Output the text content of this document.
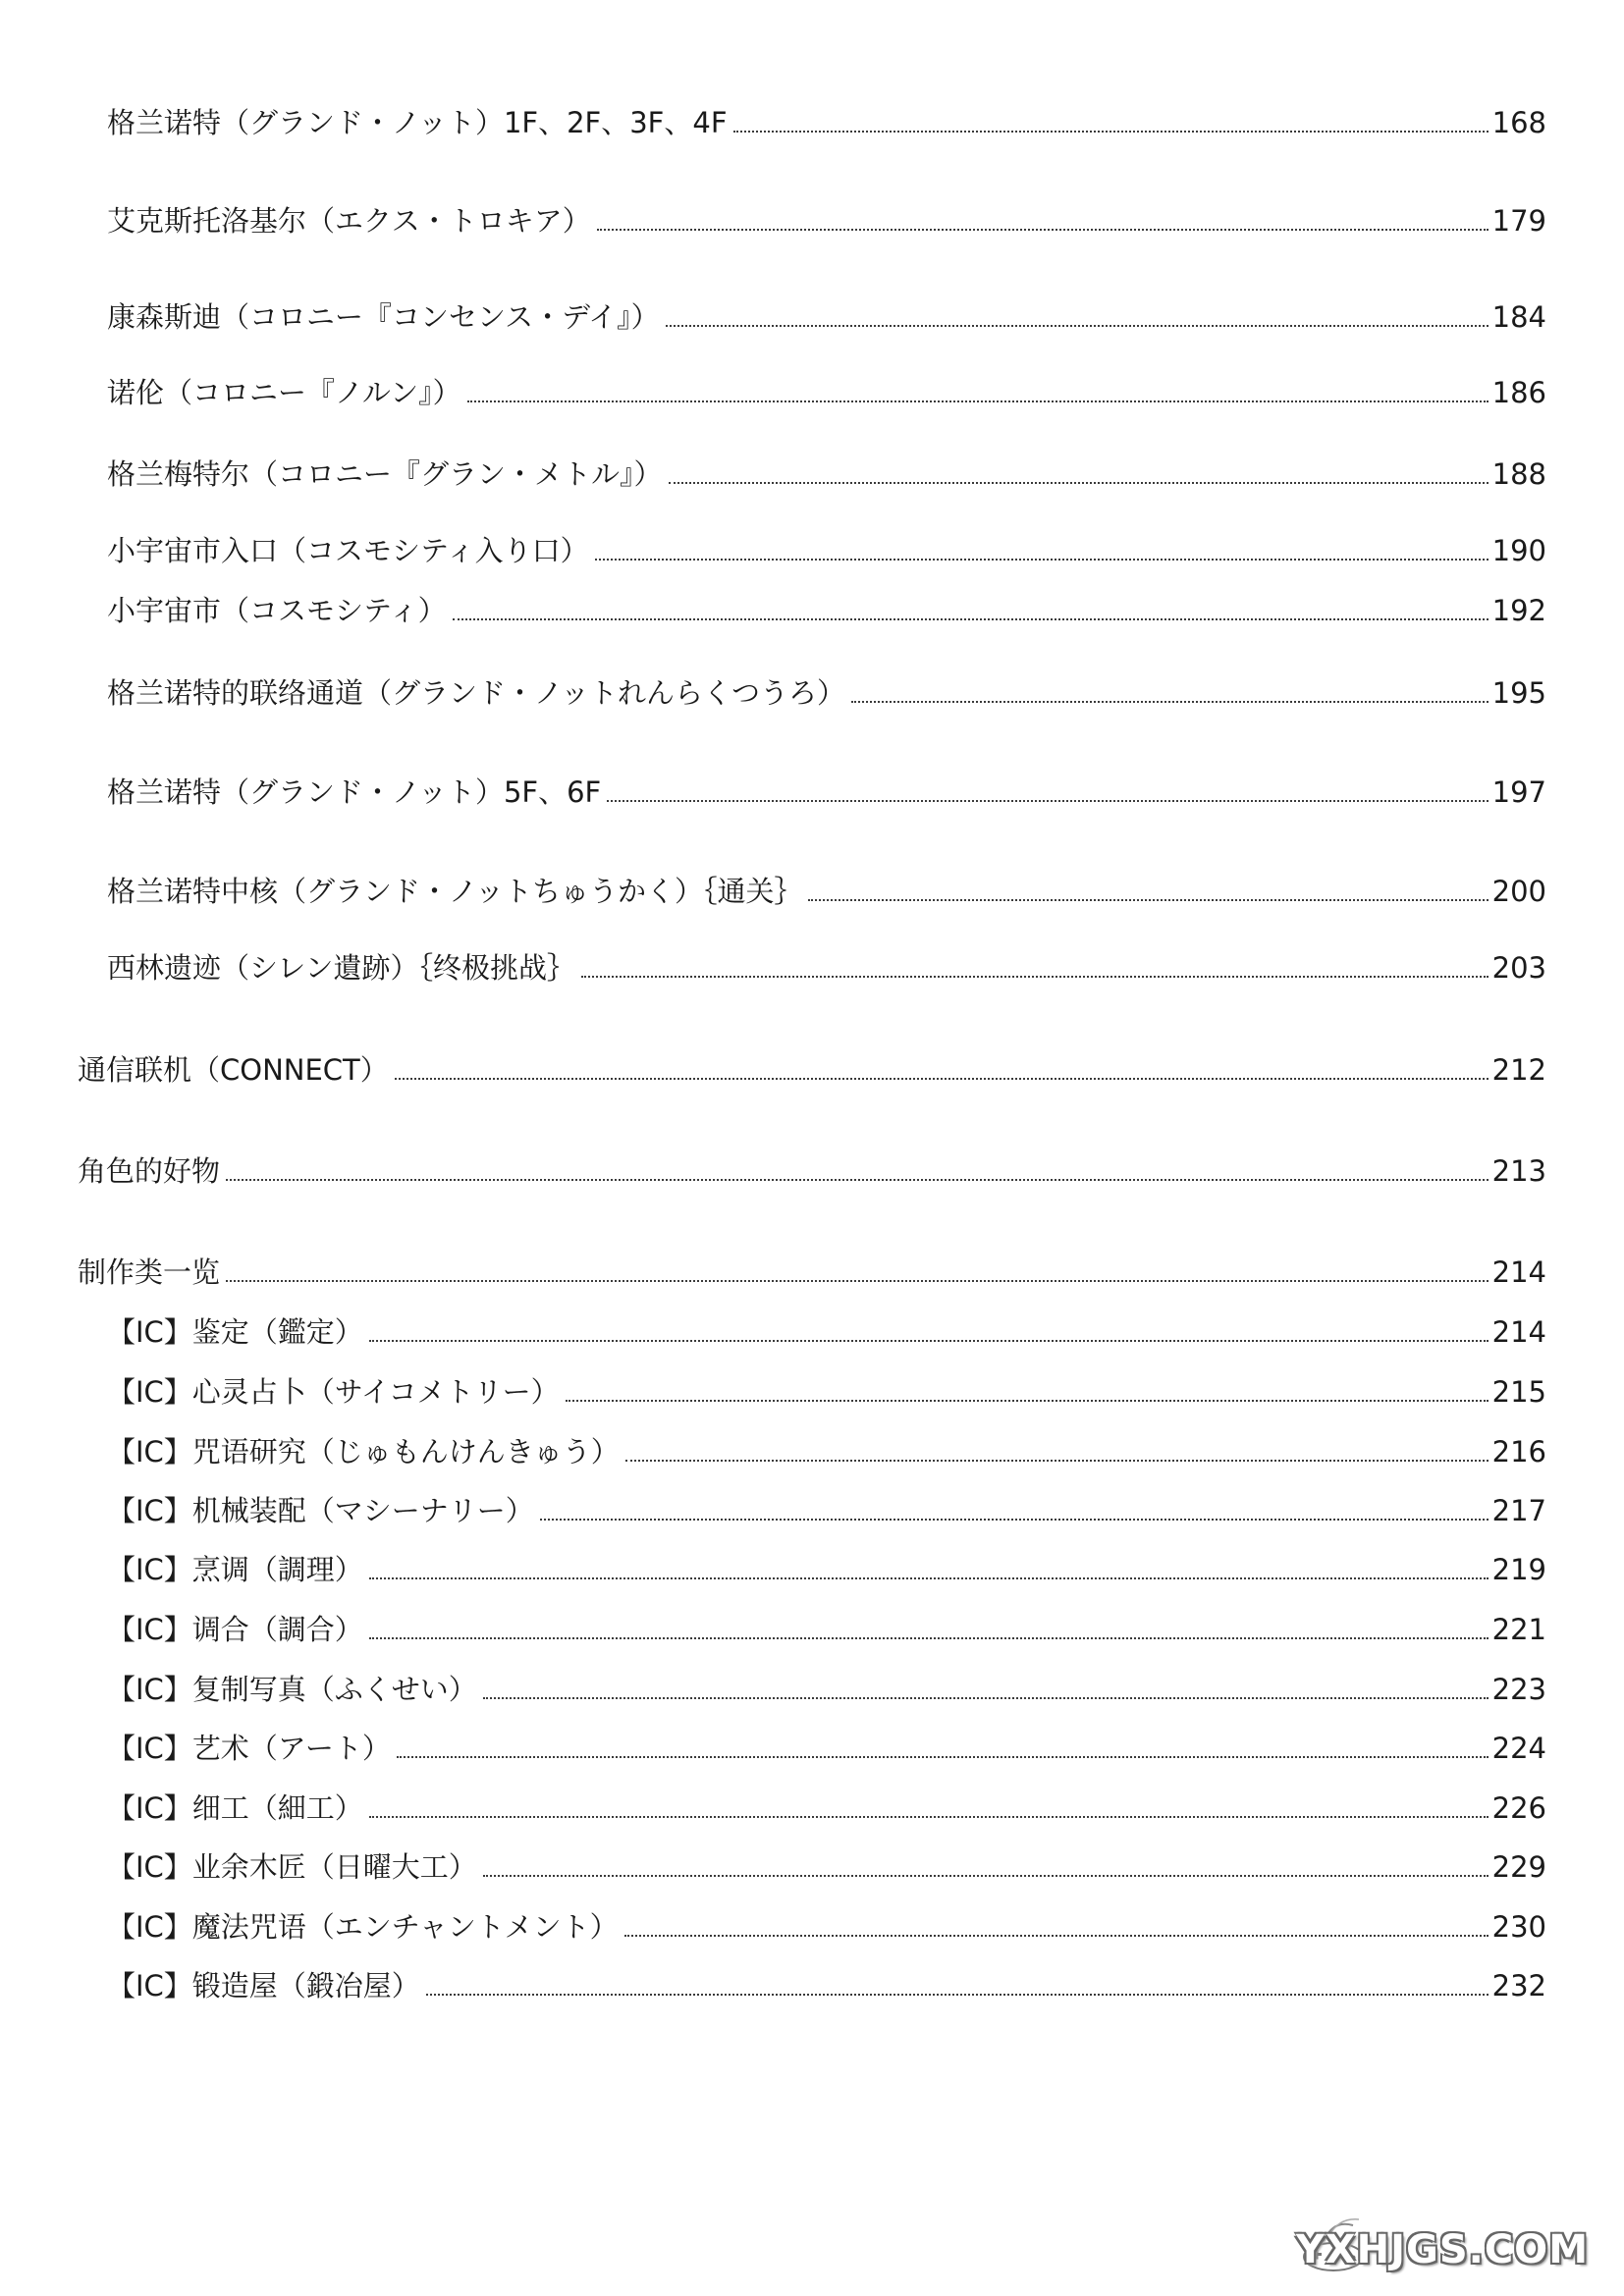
格兰诺特（グランド・ノット）1F、2F、3F、4F	168
艾克斯托洛基尔（エクス・トロキア）	179
康森斯迪（コロニー『コンセンス・デイ』）	184
诺伦（コロニー『ノルン』）	186
格兰梅特尔（コロニー『グラン・メトル』）	188
小宇宙市入口（コスモシティ入り口）	190
小宇宙市（コスモシティ）	192
格兰诺特的联络通道（グランド・ノットれんらくつうろ）	195
格兰诺特（グランド・ノット）5F、6F	197
格兰诺特中核（グランド・ノットちゅうかく）｛通关｝	200
西林遗迹（シレン遺跡）｛终极挑战｝	203
通信联机（CONNECT）	212
角色的好物	213
制作类一览	214
【IC】鉴定（鑑定）	214
【IC】心灵占卜（サイコメトリー）	215
【IC】咒语研究（じゅもんけんきゅう）	216
【IC】机械装配（マシーナリー）	217
【IC】烹调（調理）	219
【IC】调合（調合）	221
【IC】复制写真（ふくせい）	223
【IC】艺术（アート）	224
【IC】细工（細工）	226
【IC】业余木匠（日曜大工）	229
【IC】魔法咒语（エンチャントメント）	230
【IC】锻造屋（鍛冶屋）	232
YXHJGS.COM
